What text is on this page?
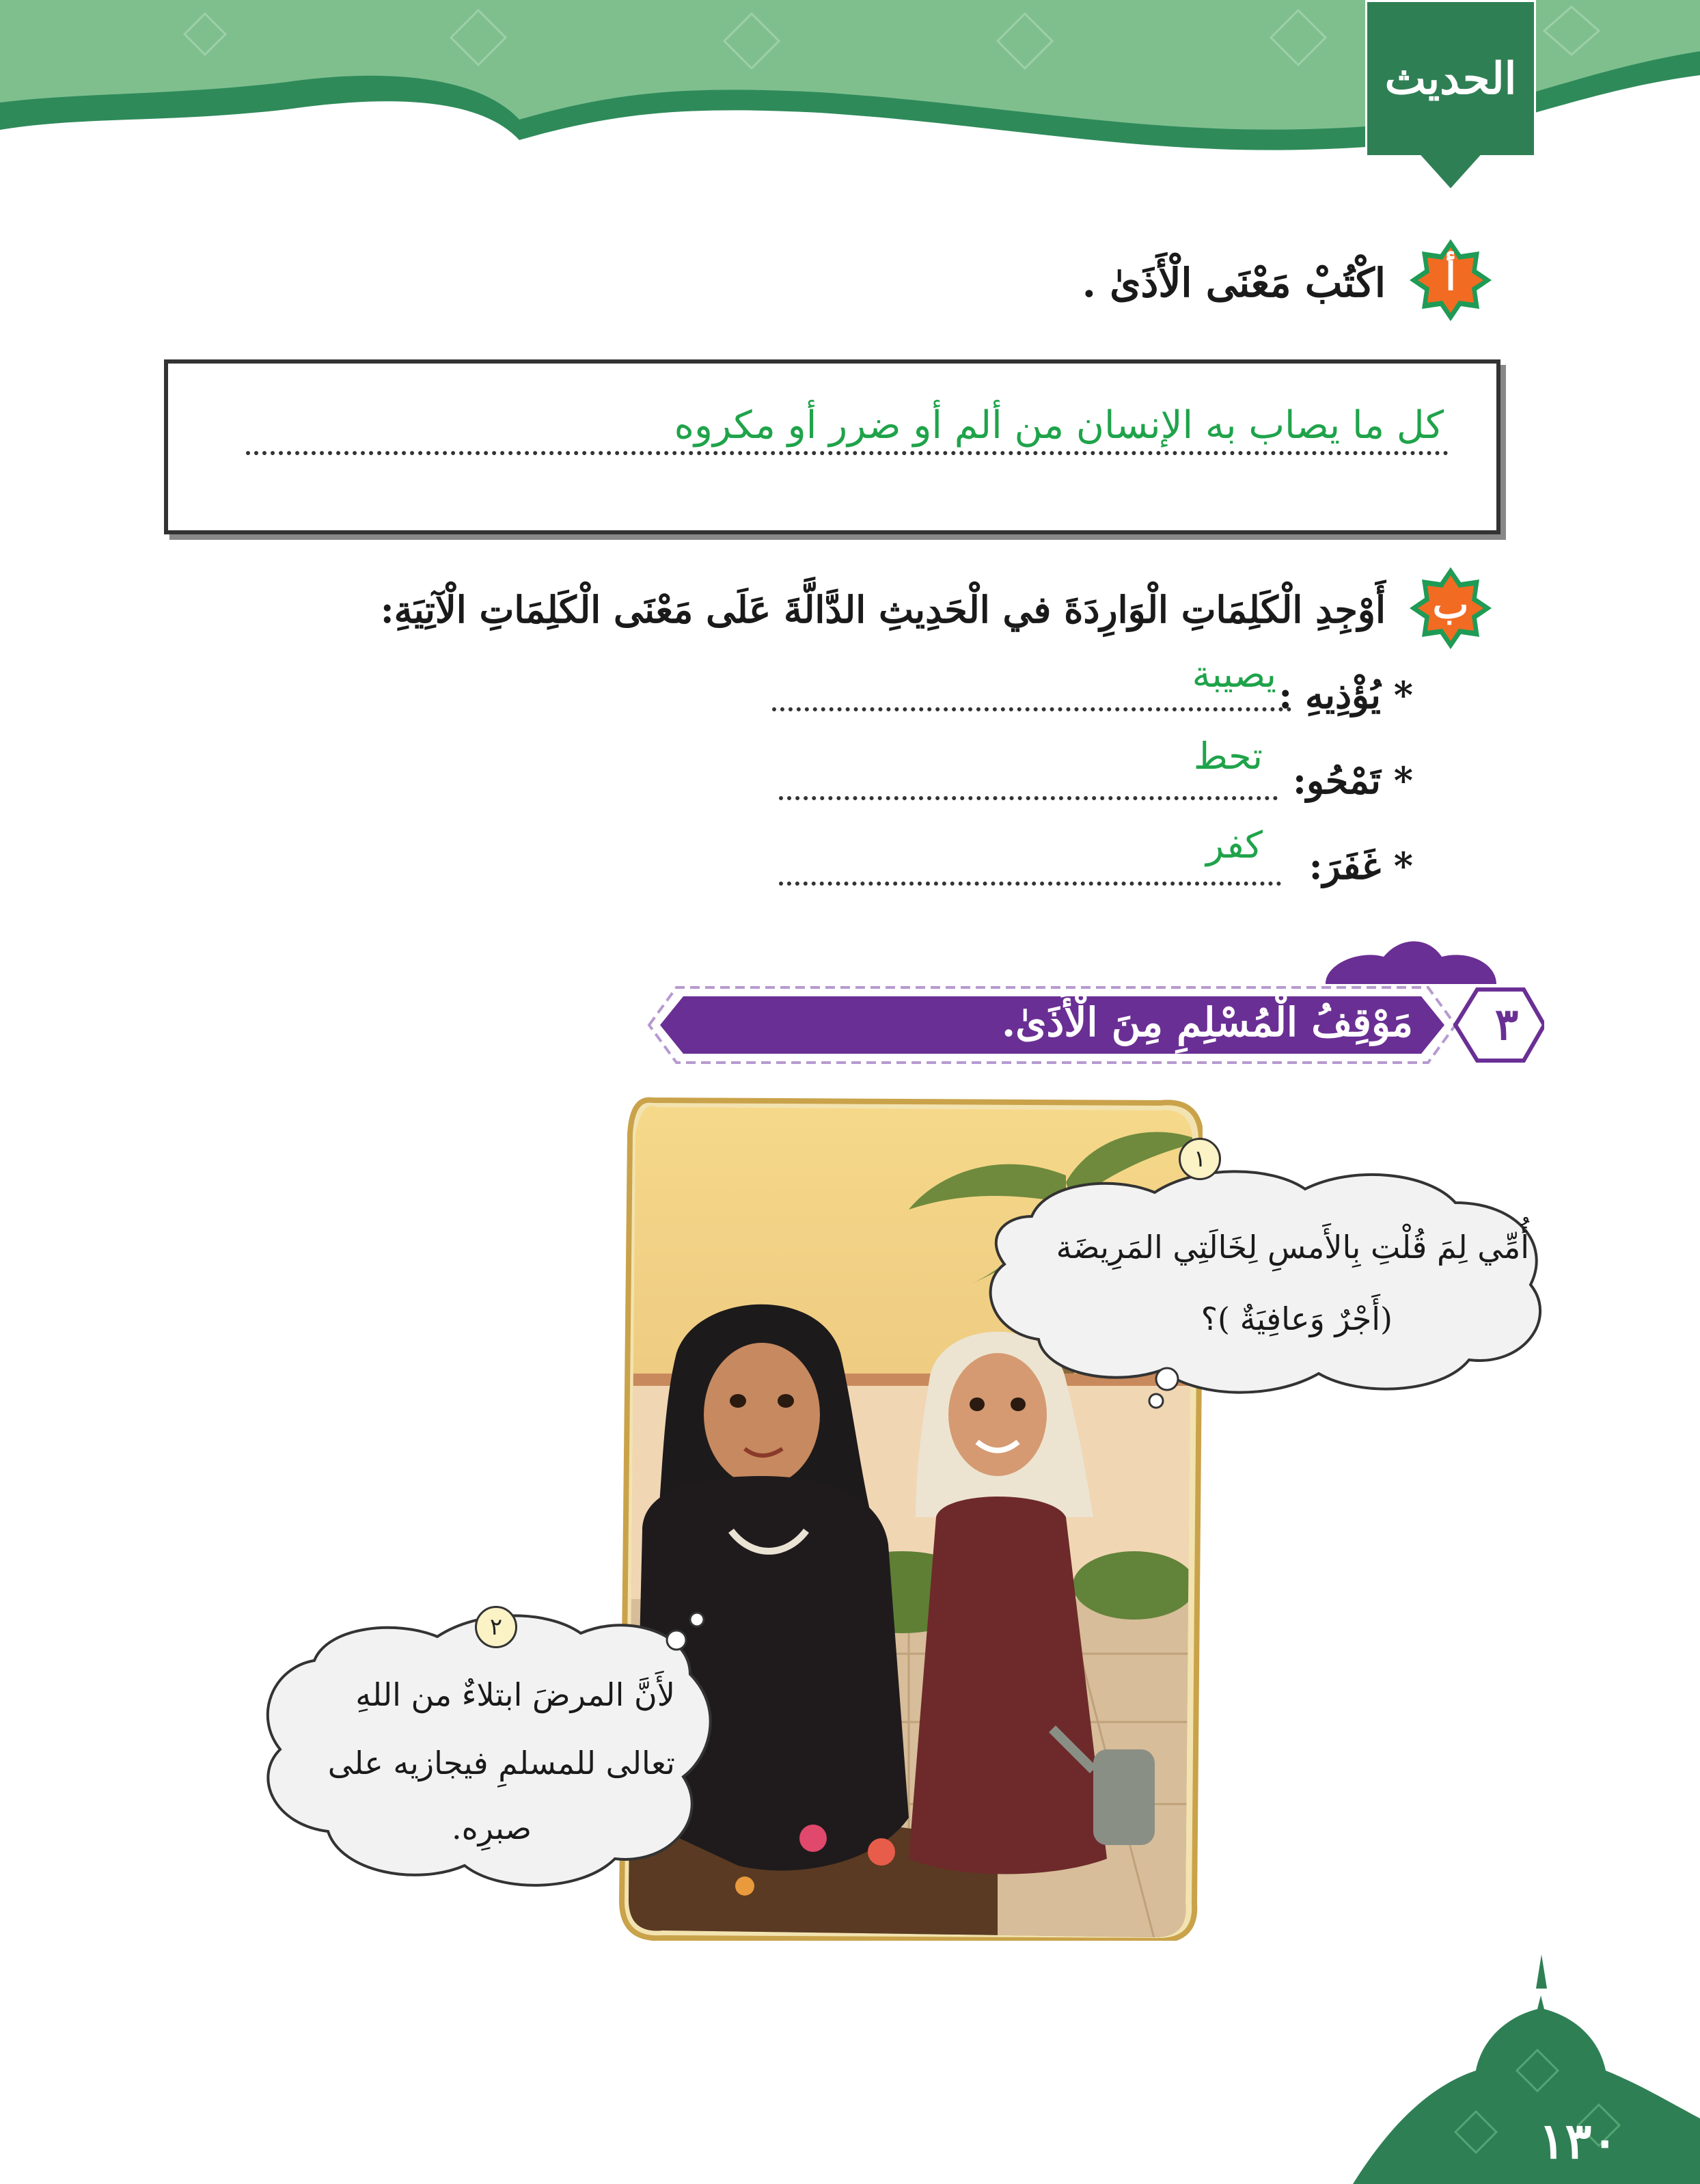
الحديث
أ
اكْتُبْ مَعْنَى الْأَذَىٰ .
كل ما يصاب به الإنسان من ألم أو ضرر أو مكروه
ب
أَوْجِدِ الْكَلِمَاتِ الْوَارِدَةَ في الْحَدِيثِ الدَّالَّةَ عَلَى مَعْنَى الْكَلِمَاتِ الْآتِيَةِ:
* يُؤْذِيهِ :
يصيبة
* تَمْحُو:
تحط
* غَفَرَ:
كفر
٣
مَوْقِفُ الْمُسْلِمِ مِنَ الْأَذَىٰ.
١
أُمِّي لِمَ قُلْتِ بِالأَمسِ لِخَالَتِي المَرِيضَة
(أَجْرٌ وَعافِيَةٌ )؟
٢
لأَنَّ المرضَ ابتلاءٌ من اللهِ
تعالى للمسلمِ فيجازيه على
صبرِه.
١٣٠
